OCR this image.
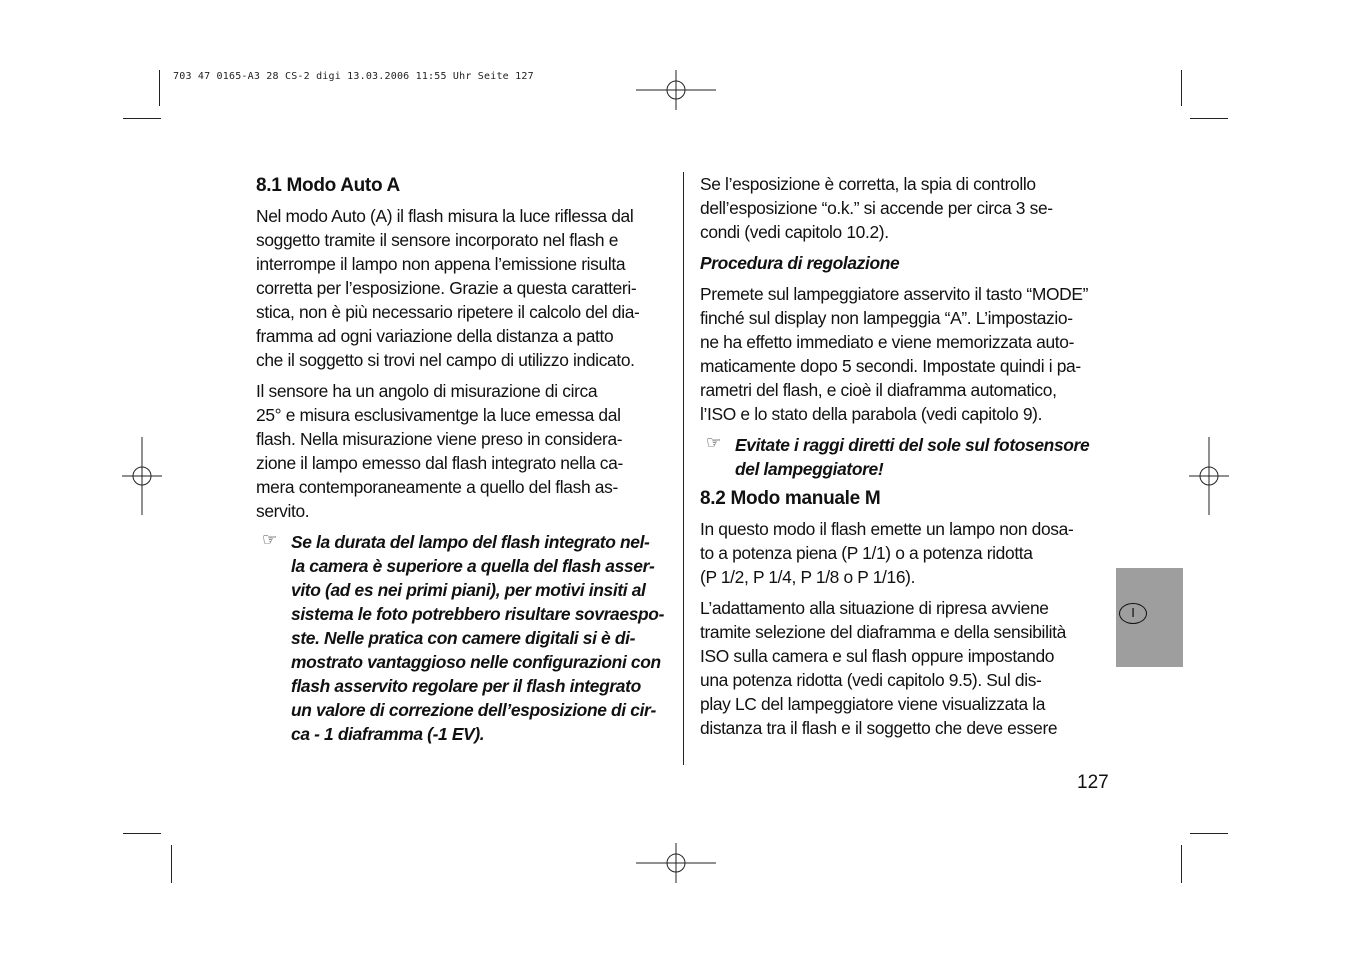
703 47 0165-A3 28 CS-2 digi 13.03.2006 11:55 Uhr Seite 127
8.1 Modo Auto A

Nel modo Auto (A) il flash misura la luce riflessa dal
soggetto tramite il sensore incorporato nel flash e
interrompe il lampo non appena l’emissione risulta
corretta per l’esposizione. Grazie a questa caratteri-
stica, non è più necessario ripetere il calcolo del dia-
framma ad ogni variazione della distanza a patto
che il soggetto si trovi nel campo di utilizzo indicato.

Il sensore ha un angolo di misurazione di circa
25° e misura esclusivamentge la luce emessa dal
flash. Nella misurazione viene preso in considera-
zione il lampo emesso dal flash integrato nella ca-
mera contemporaneamente a quello del flash as-
servito.

☞ Se la durata del lampo del flash integrato nel-
la camera è superiore a quella del flash asser-
vito (ad es nei primi piani), per motivi insiti al
sistema le foto potrebbero risultare sovraespo-
ste. Nelle pratica con camere digitali si è di-
mostrato vantaggioso nelle configurazioni con
flash asservito regolare per il flash integrato
un valore di correzione dell’esposizione di cir-
ca - 1 diaframma (-1 EV).

Se l’esposizione è corretta, la spia di controllo
dell’esposizione “o.k.” si accende per circa 3 se-
condi (vedi capitolo 10.2).

Procedura di regolazione

Premete sul lampeggiatore asservito il tasto “MODE”
finché sul display non lampeggia “A”. L’impostazio-
ne ha effetto immediato e viene memorizzata auto-
maticamente dopo 5 secondi. Impostate quindi i pa-
rametri del flash, e cioè il diaframma automatico,
l’ISO e lo stato della parabola (vedi capitolo 9).

☞ Evitate i raggi diretti del sole sul fotosensore
del lampeggiatore!
8.2 Modo manuale M

In questo modo il flash emette un lampo non dosa-
to a potenza piena (P 1/1) o a potenza ridotta
(P 1/2, P 1/4, P 1/8 o P 1/16).

L’adattamento alla situazione di ripresa avviene
tramite selezione del diaframma e della sensibilità
ISO sulla camera e sul flash oppure impostando
una potenza ridotta (vedi capitolo 9.5). Sul dis-
play LC del lampeggiatore viene visualizzata la
distanza tra il flash e il soggetto che deve essere

I
127
